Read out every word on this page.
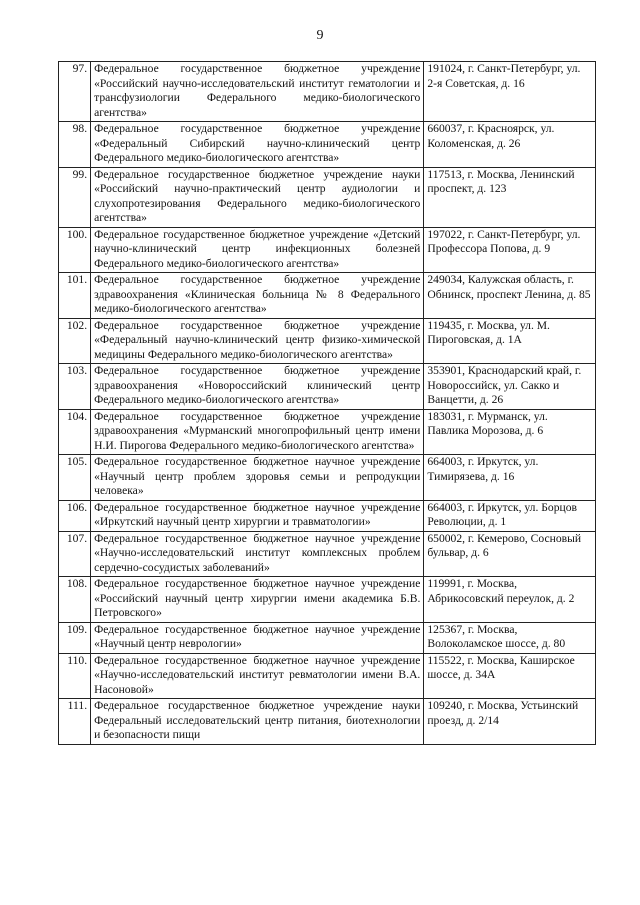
9
97.	Федеральное государственное бюджетное учреждение «Российский научно-исследовательский институт гематологии и трансфузиологии Федерального медико-биологического агентства»	191024, г. Санкт-Петербург, ул. 2-я Советская, д. 16
98.	Федеральное государственное бюджетное учреждение «Федеральный Сибирский научно-клинический центр Федерального медико-биологического агентства»	660037, г. Красноярск, ул. Коломенская, д. 26
99.	Федеральное государственное бюджетное учреждение науки «Российский научно-практический центр аудиологии и слухопротезирования Федерального медико-биологического агентства»	117513, г. Москва, Ленинский проспект, д. 123
100.	Федеральное государственное бюджетное учреждение «Детский научно-клинический центр инфекционных болезней Федерального медико-биологического агентства»	197022, г. Санкт-Петербург, ул. Профессора Попова, д. 9
101.	Федеральное государственное бюджетное учреждение здравоохранения «Клиническая больница № 8 Федерального медико-биологического агентства»	249034, Калужская область, г. Обнинск, проспект Ленина, д. 85
102.	Федеральное государственное бюджетное учреждение «Федеральный научно-клинический центр физико-химической медицины Федерального медико-биологического агентства»	119435, г. Москва, ул. М. Пироговская, д. 1А
103.	Федеральное государственное бюджетное учреждение здравоохранения «Новороссийский клинический центр Федерального медико-биологического агентства»	353901, Краснодарский край, г. Новороссийск, ул. Сакко и Ванцетти, д. 26
104.	Федеральное государственное бюджетное учреждение здравоохранения «Мурманский многопрофильный центр имени Н.И. Пирогова Федерального медико-биологического агентства»	183031, г. Мурманск, ул. Павлика Морозова, д. 6
105.	Федеральное государственное бюджетное научное учреждение «Научный центр проблем здоровья семьи и репродукции человека»	664003, г. Иркутск, ул. Тимирязева, д. 16
106.	Федеральное государственное бюджетное научное учреждение «Иркутский научный центр хирургии и травматологии»	664003, г. Иркутск, ул. Борцов Революции, д. 1
107.	Федеральное государственное бюджетное научное учреждение «Научно-исследовательский институт комплексных проблем сердечно-сосудистых заболеваний»	650002, г. Кемерово, Сосновый бульвар, д. 6
108.	Федеральное государственное бюджетное научное учреждение «Российский научный центр хирургии имени академика Б.В. Петровского»	119991, г. Москва, Абрикосовский переулок, д. 2
109.	Федеральное государственное бюджетное научное учреждение «Научный центр неврологии»	125367, г. Москва, Волоколамское шоссе, д. 80
110.	Федеральное государственное бюджетное научное учреждение «Научно-исследовательский институт ревматологии имени В.А. Насоновой»	115522, г. Москва, Каширское шоссе, д. 34А
111.	Федеральное государственное бюджетное учреждение науки Федеральный исследовательский центр питания, биотехнологии и безопасности пищи	109240, г. Москва, Устьинский проезд, д. 2/14
